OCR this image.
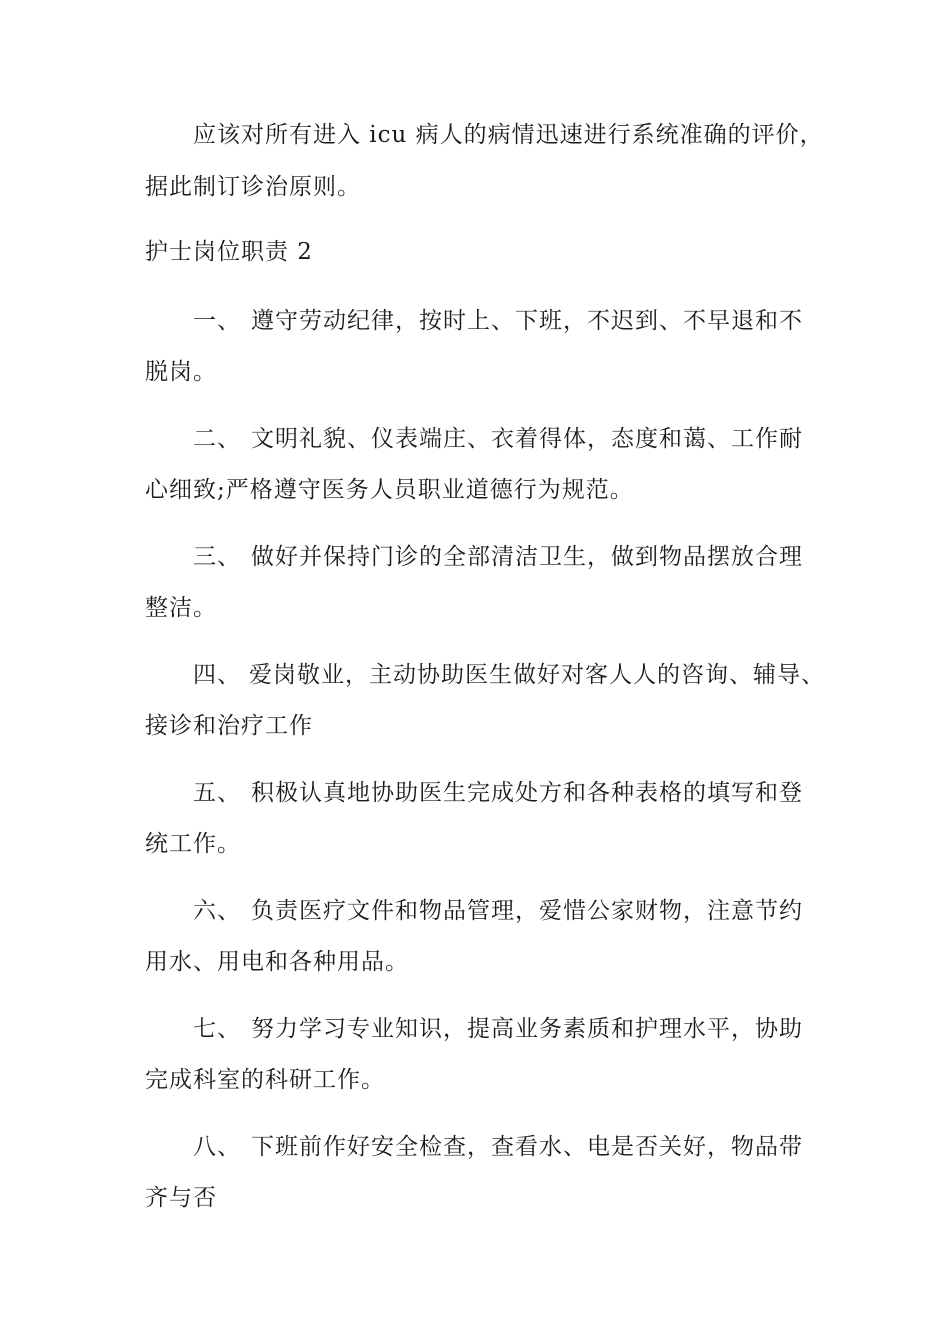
应该对所有进入 icu 病人的病情迅速进行系统准确的评价，
据此制订诊治原则。
护士岗位职责 2
一、 遵守劳动纪律，按时上、下班，不迟到、不早退和不
脱岗。
二、 文明礼貌、仪表端庄、衣着得体，态度和蔼、工作耐
心细致;严格遵守医务人员职业道德行为规范。
三、 做好并保持门诊的全部清洁卫生，做到物品摆放合理
整洁。
四、 爱岗敬业，主动协助医生做好对客人人的咨询、辅导、
接诊和治疗工作
五、 积极认真地协助医生完成处方和各种表格的填写和登
统工作。
六、 负责医疗文件和物品管理，爱惜公家财物，注意节约
用水、用电和各种用品。
七、 努力学习专业知识，提高业务素质和护理水平，协助
完成科室的科研工作。
八、 下班前作好安全检查，查看水、电是否关好，物品带
齐与否
